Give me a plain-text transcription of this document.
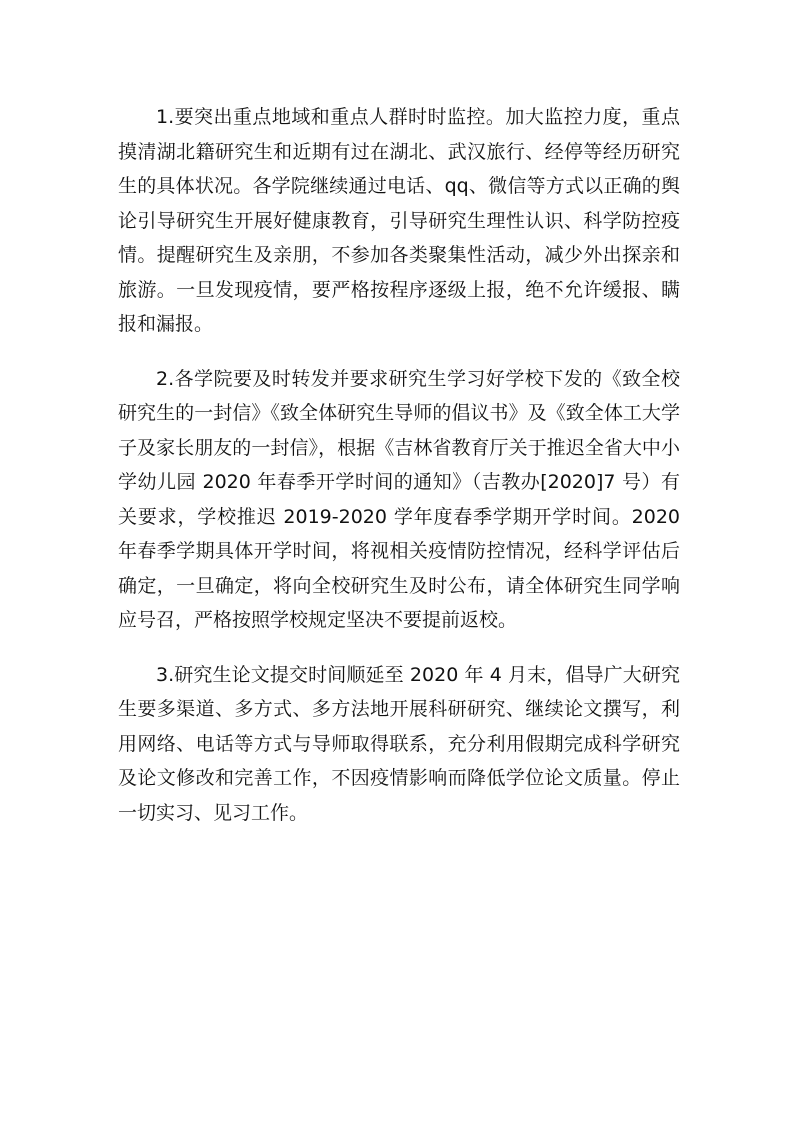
1.要突出重点地域和重点人群时时监控。加大监控力度，重点摸清湖北籍研究生和近期有过在湖北、武汉旅行、经停等经历研究生的具体状况。各学院继续通过电话、qq、微信等方式以正确的舆论引导研究生开展好健康教育，引导研究生理性认识、科学防控疫情。提醒研究生及亲朋，不参加各类聚集性活动，减少外出探亲和旅游。一旦发现疫情，要严格按程序逐级上报，绝不允许缓报、瞒报和漏报。

2.各学院要及时转发并要求研究生学习好学校下发的《致全校研究生的一封信》《致全体研究生导师的倡议书》及《致全体工大学子及家长朋友的一封信》，根据《吉林省教育厅关于推迟全省大中小学幼儿园 2020 年春季开学时间的通知》（吉教办[2020]7 号）有关要求，学校推迟 2019-2020 学年度春季学期开学时间。2020 年春季学期具体开学时间，将视相关疫情防控情况，经科学评估后确定，一旦确定，将向全校研究生及时公布，请全体研究生同学响应号召，严格按照学校规定坚决不要提前返校。

3.研究生论文提交时间顺延至 2020 年 4 月末，倡导广大研究生要多渠道、多方式、多方法地开展科研研究、继续论文撰写，利用网络、电话等方式与导师取得联系，充分利用假期完成科学研究及论文修改和完善工作，不因疫情影响而降低学位论文质量。停止一切实习、见习工作。
